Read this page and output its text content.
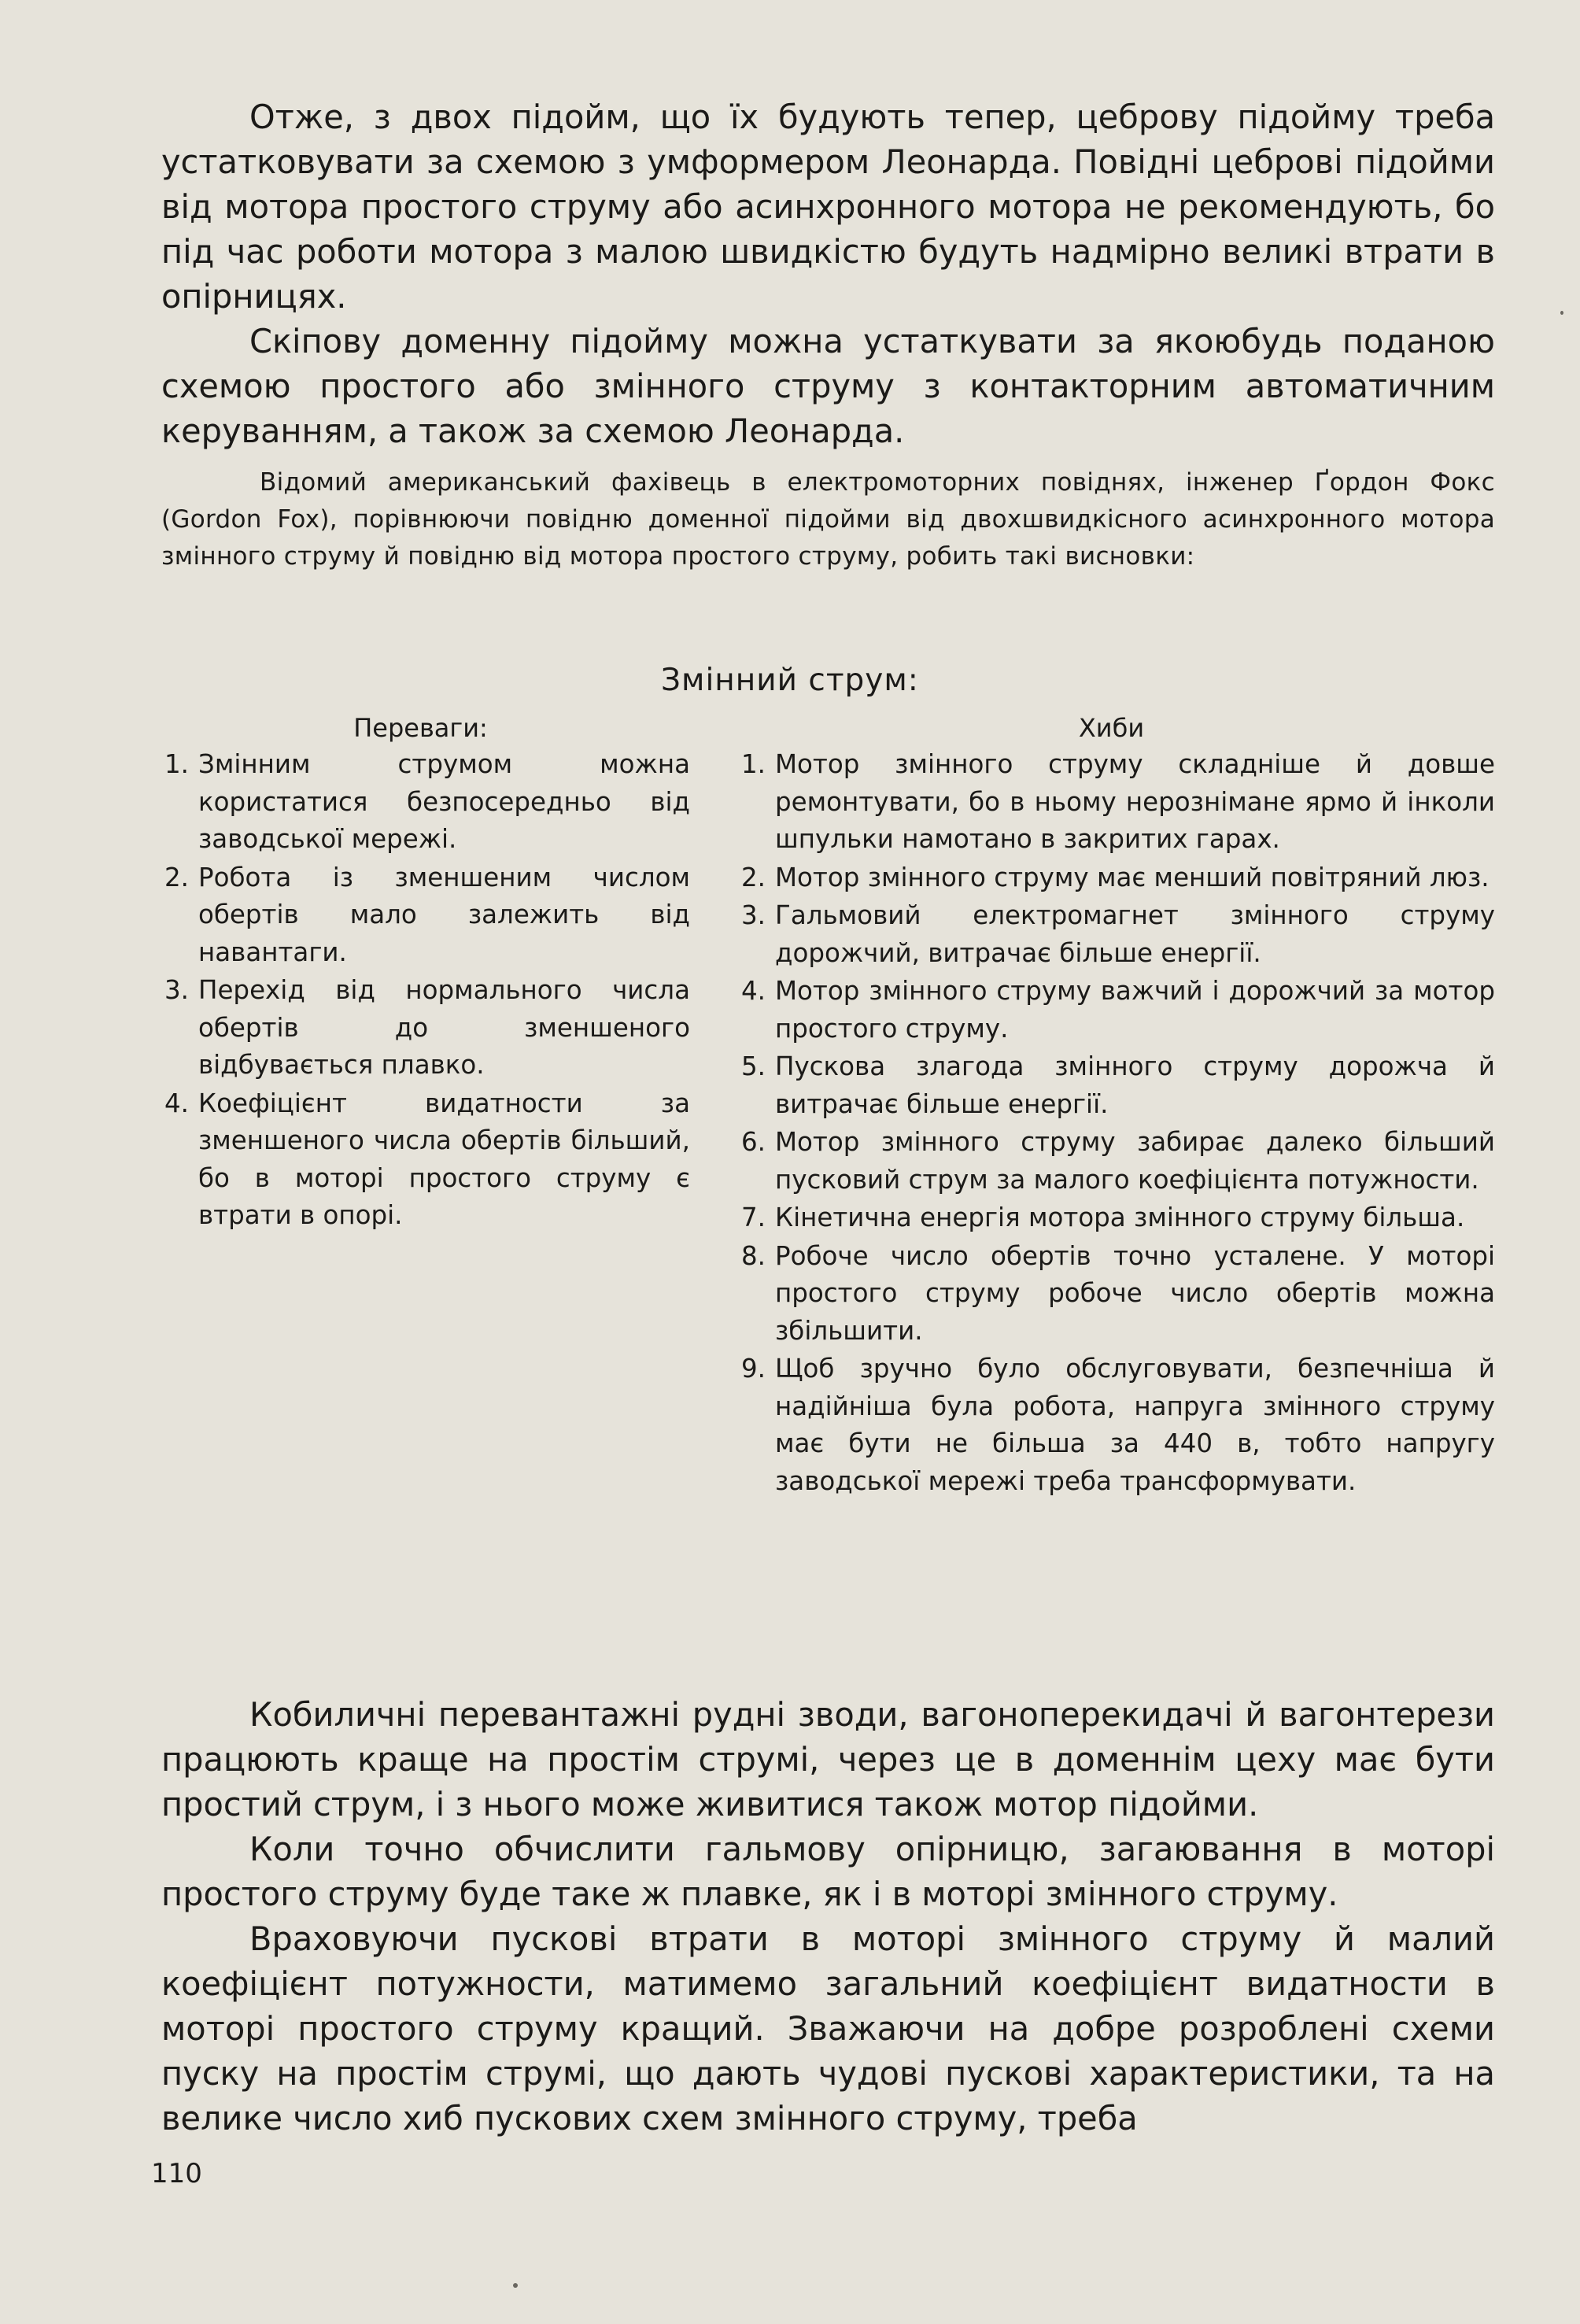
Отже, з двох підойм, що їх будують тепер, цеброву підойму треба устатковувати за схемою з умформером Леонарда. Повідні цеброві підойми від мотора простого струму або асинхронного мотора не рекомендують, бо під час роботи мотора з малою швидкістю будуть надмірно великі втрати в опірницях.

Скіпову доменну підойму можна устаткувати за якоюбудь поданою схемою простого або змінного струму з контакторним автоматичним керуванням, а також за схемою Леонарда.

Відомий американський фахівець в електромоторних повіднях, інженер Ґордон Фокс (Gordon Fox), порівнюючи повідню доменної підойми від двохшвидкісного асинхронного мотора змінного струму й повідню від мотора простого струму, робить такі висновки:

Змінний струм:

Переваги:

1. Змінним струмом можна користатися безпосередньо від заводської мережі.
2. Робота із зменшеним числом обертів мало залежить від навантаги.
3. Перехід від нормального числа обертів до зменшеного відбувається плавко.
4. Коефіцієнт видатности за зменшеного числа обертів більший, бо в моторі простого струму є втрати в опорі.

Хиби

1. Мотор змінного струму складніше й довше ремонтувати, бо в ньому нерознімане ярмо й інколи шпульки намотано в закритих гарах.
2. Мотор змінного струму має менший повітряний люз.
3. Гальмовий електромагнет змінного струму дорожчий, витрачає більше енергії.
4. Мотор змінного струму важчий і дорожчий за мотор простого струму.
5. Пускова злагода змінного струму дорожча й витрачає більше енергії.
6. Мотор змінного струму забирає далеко більший пусковий струм за малого коефіцієнта потужности.
7. Кінетична енергія мотора змінного струму більша.
8. Робоче число обертів точно усталене. У моторі простого струму робоче число обертів можна збільшити.
9. Щоб зручно було обслуговувати, безпечніша й надійніша була робота, напруга змінного струму має бути не більша за 440 в, тобто напругу заводської мережі треба трансформувати.

Кобиличні перевантажні рудні зводи, вагоноперекидачі й вагонтерези працюють краще на простім струмі, через це в доменнім цеху має бути простий струм, і з нього може живитися також мотор підойми.

Коли точно обчислити гальмову опірницю, загаювання в моторі простого струму буде таке ж плавке, як і в моторі змінного струму.

Враховуючи пускові втрати в моторі змінного струму й малий коефіцієнт потужности, матимемо загальний коефіцієнт видатности в моторі простого струму кращий. Зважаючи на добре розроблені схеми пуску на простім струмі, що дають чудові пускові характеристики, та на велике число хиб пускових схем змінного струму, треба

110
